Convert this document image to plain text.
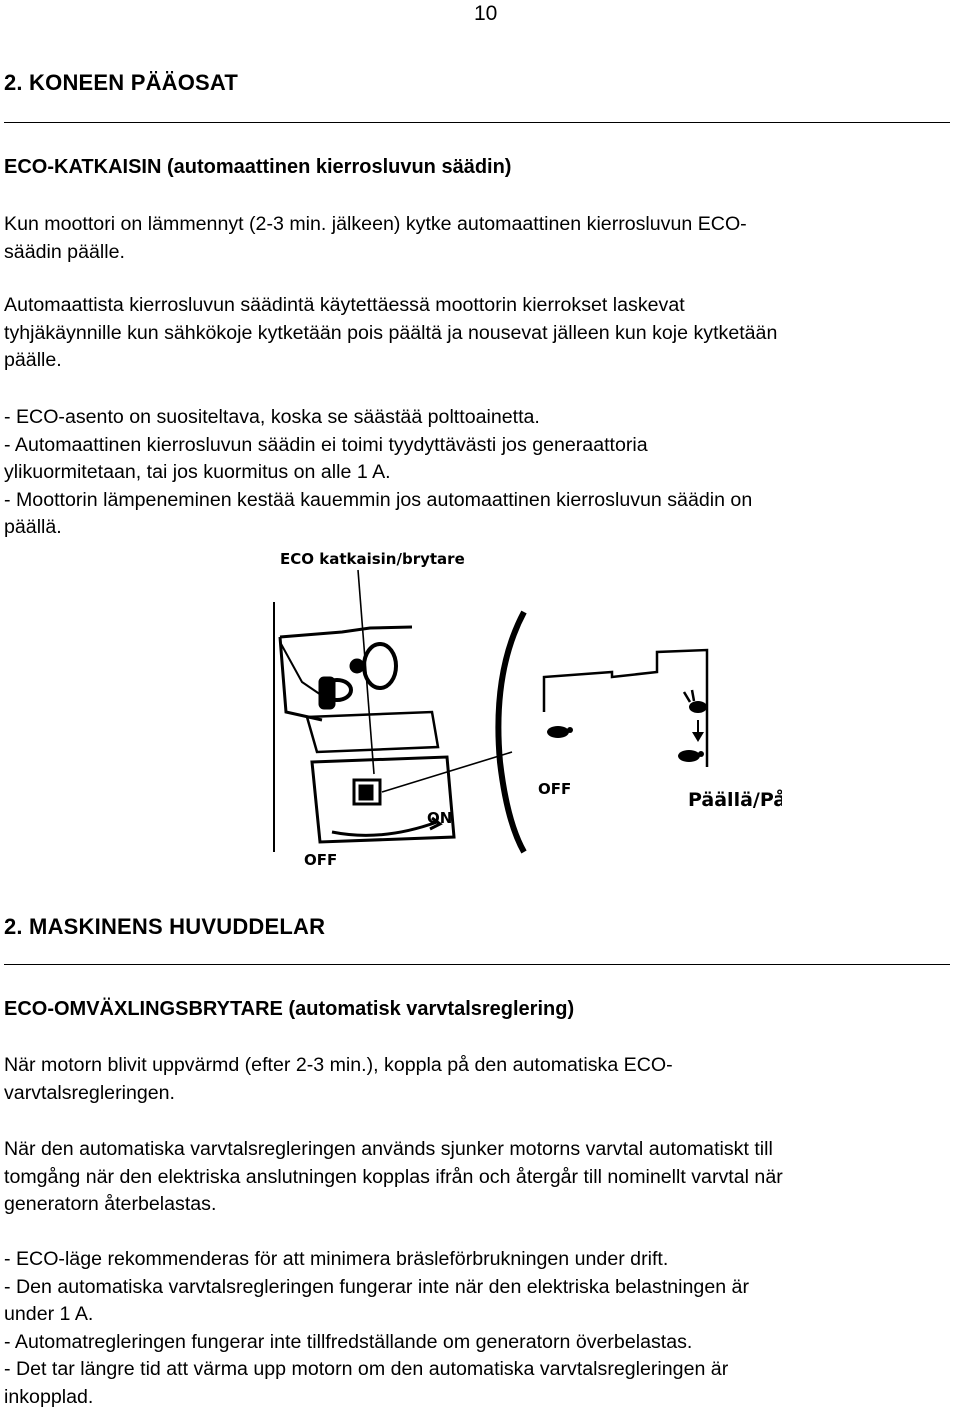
10
2. KONEEN PÄÄOSAT
ECO-KATKAISIN (automaattinen kierrosluvun säädin)
Kun moottori on lämmennyt (2-3 min. jälkeen) kytke automaattinen kierrosluvun ECO-
säädin päälle.
Automaattista kierrosluvun säädintä käytettäessä moottorin kierrokset laskevat
tyhjäkäynnille kun sähkökoje kytketään pois päältä ja nousevat jälleen kun koje kytketään
päälle.
- ECO-asento on suositeltava, koska se säästää polttoainetta.
- Automaattinen kierrosluvun säädin ei toimi tyydyttävästi jos generaattoria
ylikuormitetaan, tai jos kuormitus on alle 1 A.
- Moottorin lämpeneminen kestää kauemmin jos automaattinen kierrosluvun säädin on
päällä.
ECO katkaisin/brytare
OFF	Päällä/På
ON
OFF
2. MASKINENS HUVUDDELAR
ECO-OMVÄXLINGSBRYTARE (automatisk varvtalsreglering)
När motorn blivit uppvärmd (efter 2-3 min.), koppla på den automatiska ECO-
varvtalsregleringen.
När den automatiska varvtalsregleringen används sjunker motorns varvtal automatiskt till
tomgång när den elektriska anslutningen kopplas ifrån och återgår till nominellt varvtal när
generatorn återbelastas.
- ECO-läge rekommenderas för att minimera bräsleförbrukningen under drift.
- Den automatiska varvtalsregleringen fungerar inte när den elektriska belastningen är
under 1 A.
- Automatregleringen fungerar inte tillfredställande om generatorn överbelastas.
- Det tar längre tid att värma upp motorn om den automatiska varvtalsregleringen är
inkopplad.
